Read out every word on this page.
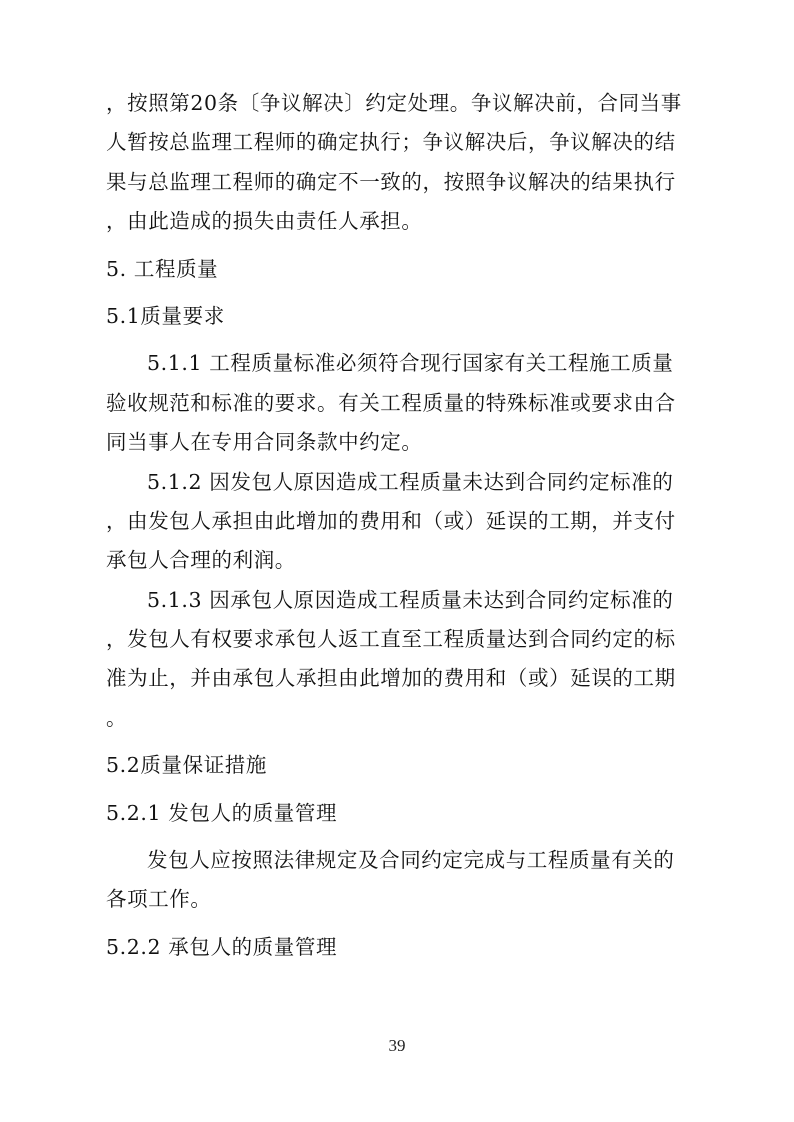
，按照第20条〔争议解决〕约定处理。争议解决前，合同当事
人暂按总监理工程师的确定执行；争议解决后，争议解决的结
果与总监理工程师的确定不一致的，按照争议解决的结果执行
，由此造成的损失由责任人承担。

5. 工程质量

5.1质量要求

5.1.1 工程质量标准必须符合现行国家有关工程施工质量
验收规范和标准的要求。有关工程质量的特殊标准或要求由合
同当事人在专用合同条款中约定。

5.1.2 因发包人原因造成工程质量未达到合同约定标准的
，由发包人承担由此增加的费用和（或）延误的工期，并支付
承包人合理的利润。

5.1.3 因承包人原因造成工程质量未达到合同约定标准的
，发包人有权要求承包人返工直至工程质量达到合同约定的标
准为止，并由承包人承担由此增加的费用和（或）延误的工期
。

5.2质量保证措施

5.2.1 发包人的质量管理

发包人应按照法律规定及合同约定完成与工程质量有关的
各项工作。

5.2.2 承包人的质量管理

39
